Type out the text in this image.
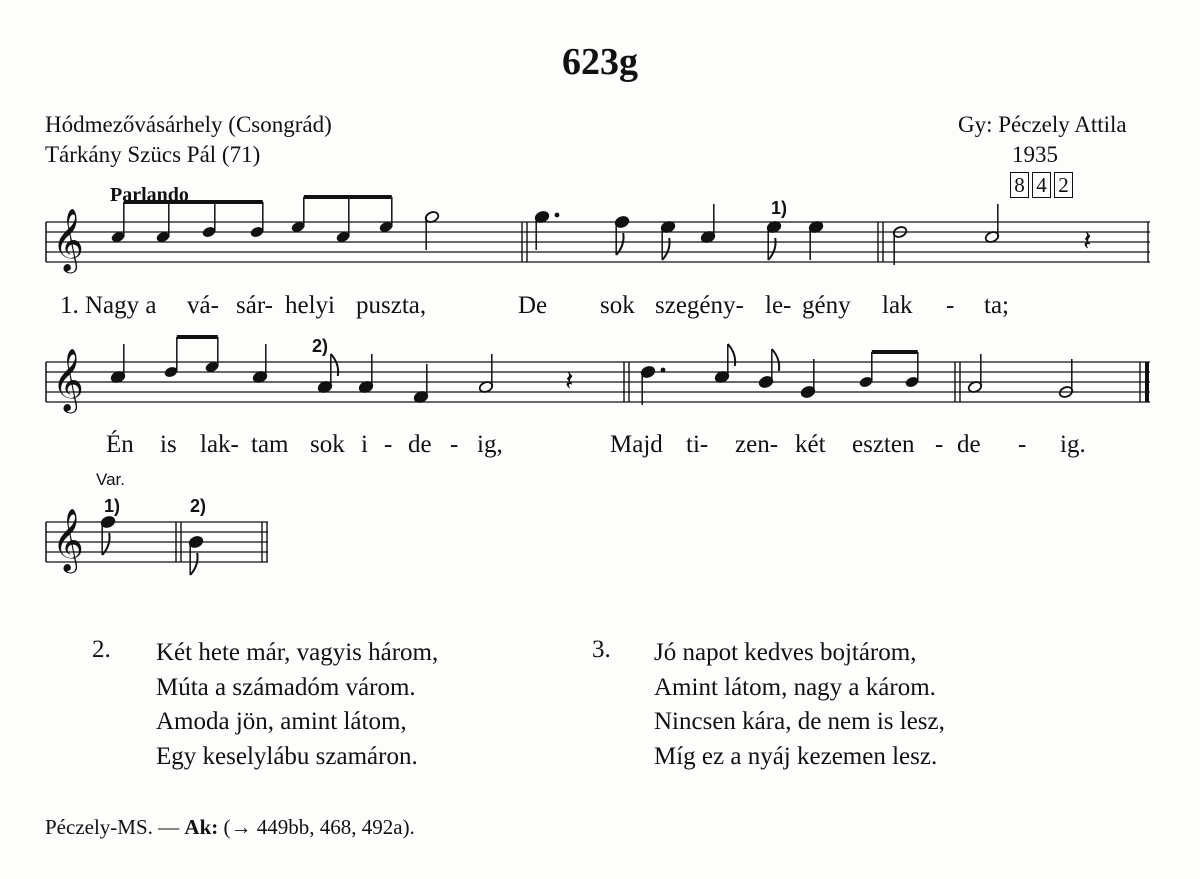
623g
Hódmezővásárhely (Csongrád)
Tárkány Szücs Pál (71)
Gy: Péczely Attila
1935
8 4 2
Parlando
𝄞
𝄞
𝄞
𝄽
𝄽
1)
2)
Var.
1)	2)
1. Nagy a vá- sár- helyi puszta,	De sok szegény- le- gény lak - ta;
Én is lak- tam sok i - de - ig,	Majd ti- zen- két eszten - de - ig.
2. Két hete már, vagyis három,
Múta a számadóm várom.
Amoda jön, amint látom,
Egy keselylábu szamáron.
3. Jó napot kedves bojtárom,
Amint látom, nagy a károm.
Nincsen kára, de nem is lesz,
Míg ez a nyáj kezemen lesz.
Péczely-MS. — Ak: (→ 449bb, 468, 492a).
